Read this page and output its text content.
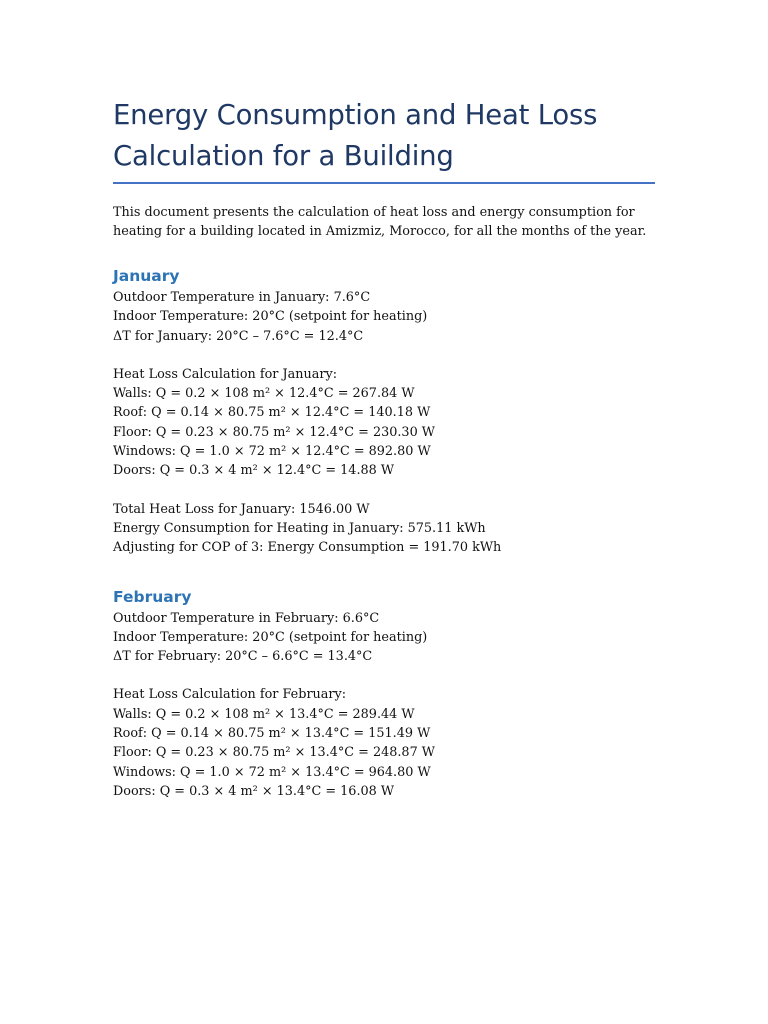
Energy Consumption and Heat Loss
Calculation for a Building

This document presents the calculation of heat loss and energy consumption for heating for a building located in Amizmiz, Morocco, for all the months of the year.

January
Outdoor Temperature in January: 7.6°C
Indoor Temperature: 20°C (setpoint for heating)
ΔT for January: 20°C – 7.6°C = 12.4°C
Heat Loss Calculation for January:
Walls: Q = 0.2 × 108 m² × 12.4°C = 267.84 W
Roof: Q = 0.14 × 80.75 m² × 12.4°C = 140.18 W
Floor: Q = 0.23 × 80.75 m² × 12.4°C = 230.30 W
Windows: Q = 1.0 × 72 m² × 12.4°C = 892.80 W
Doors: Q = 0.3 × 4 m² × 12.4°C = 14.88 W
Total Heat Loss for January: 1546.00 W
Energy Consumption for Heating in January: 575.11 kWh
Adjusting for COP of 3: Energy Consumption = 191.70 kWh
February
Outdoor Temperature in February: 6.6°C
Indoor Temperature: 20°C (setpoint for heating)
ΔT for February: 20°C – 6.6°C = 13.4°C
Heat Loss Calculation for February:
Walls: Q = 0.2 × 108 m² × 13.4°C = 289.44 W
Roof: Q = 0.14 × 80.75 m² × 13.4°C = 151.49 W
Floor: Q = 0.23 × 80.75 m² × 13.4°C = 248.87 W
Windows: Q = 1.0 × 72 m² × 13.4°C = 964.80 W
Doors: Q = 0.3 × 4 m² × 13.4°C = 16.08 W
